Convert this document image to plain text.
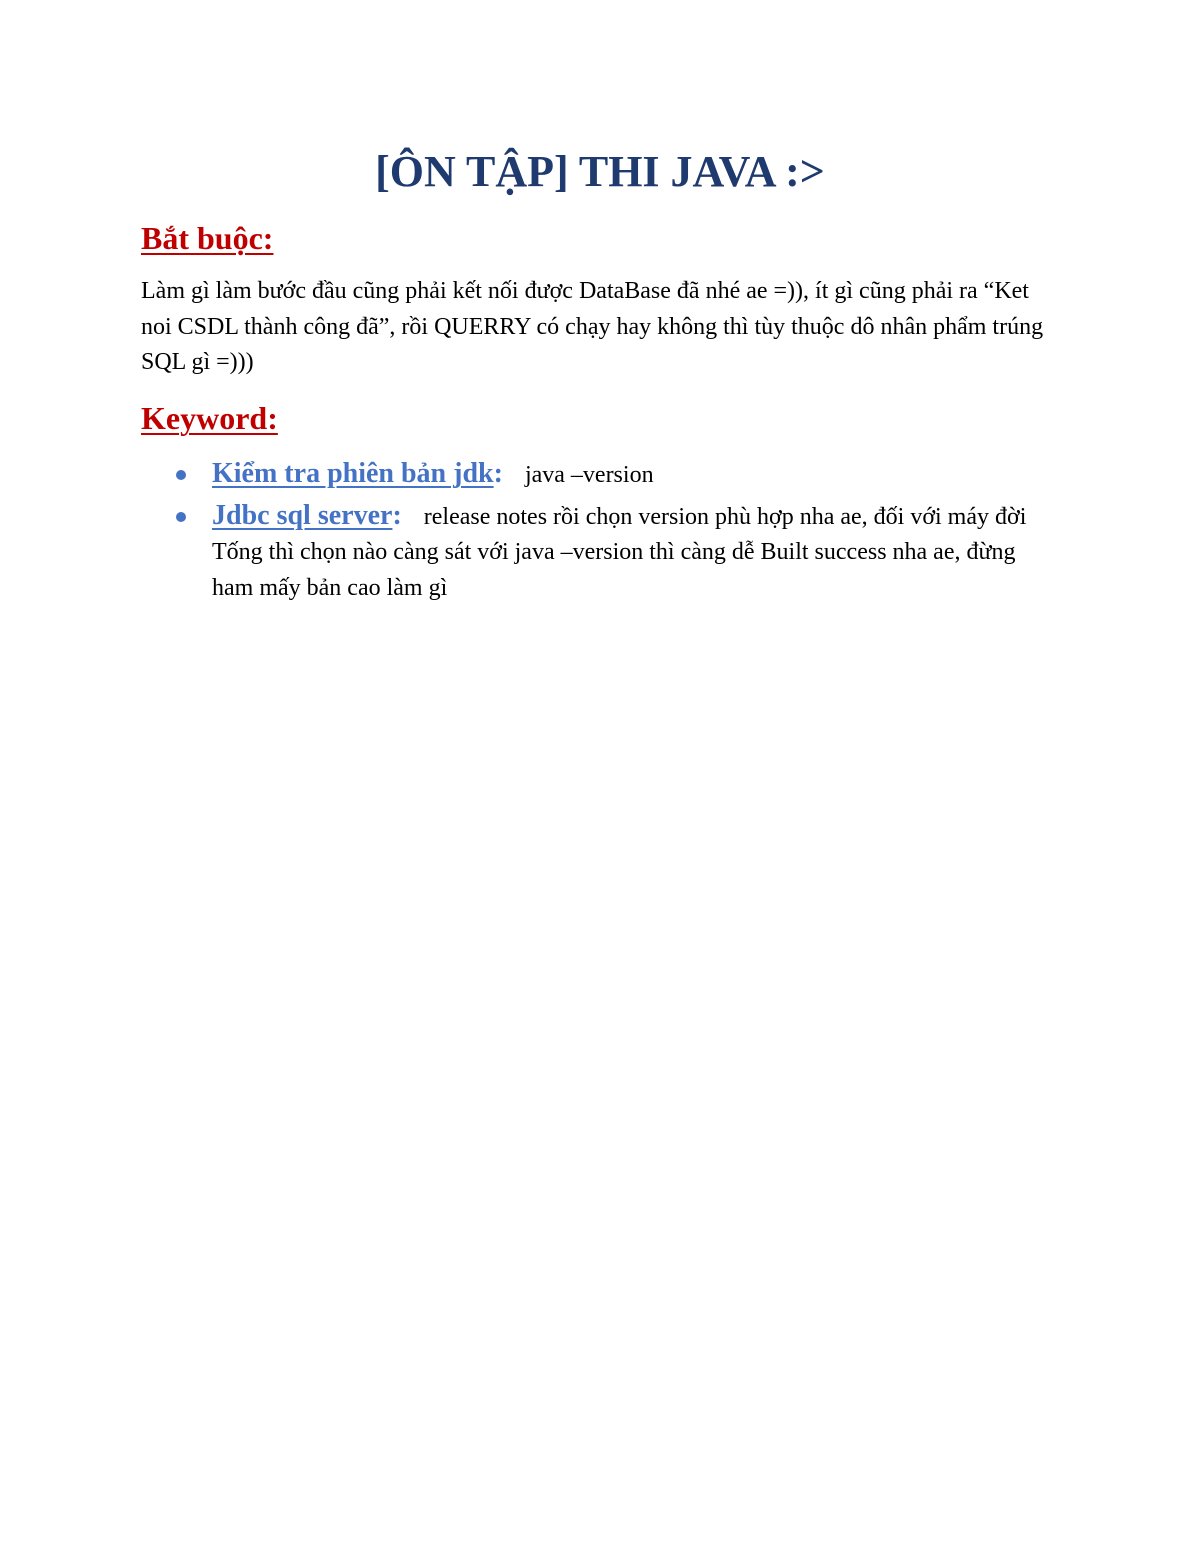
[ÔN TẬP] THI JAVA :>
Bắt buộc:

Làm gì làm bước đầu cũng phải kết nối được DataBase đã nhé ae =)), ít gì cũng phải ra “Ket noi CSDL thành công đã”, rồi QUERRY có chạy hay không thì tùy thuộc dô nhân phẩm trúng SQL gì =)))

Keyword:
Kiểm tra phiên bản jdk: java –version
Jdbc sql server: release notes rồi chọn version phù hợp nha ae, đối với máy đời Tống thì chọn nào càng sát với java –version thì càng dễ Built success nha ae, đừng ham mấy bản cao làm gì
